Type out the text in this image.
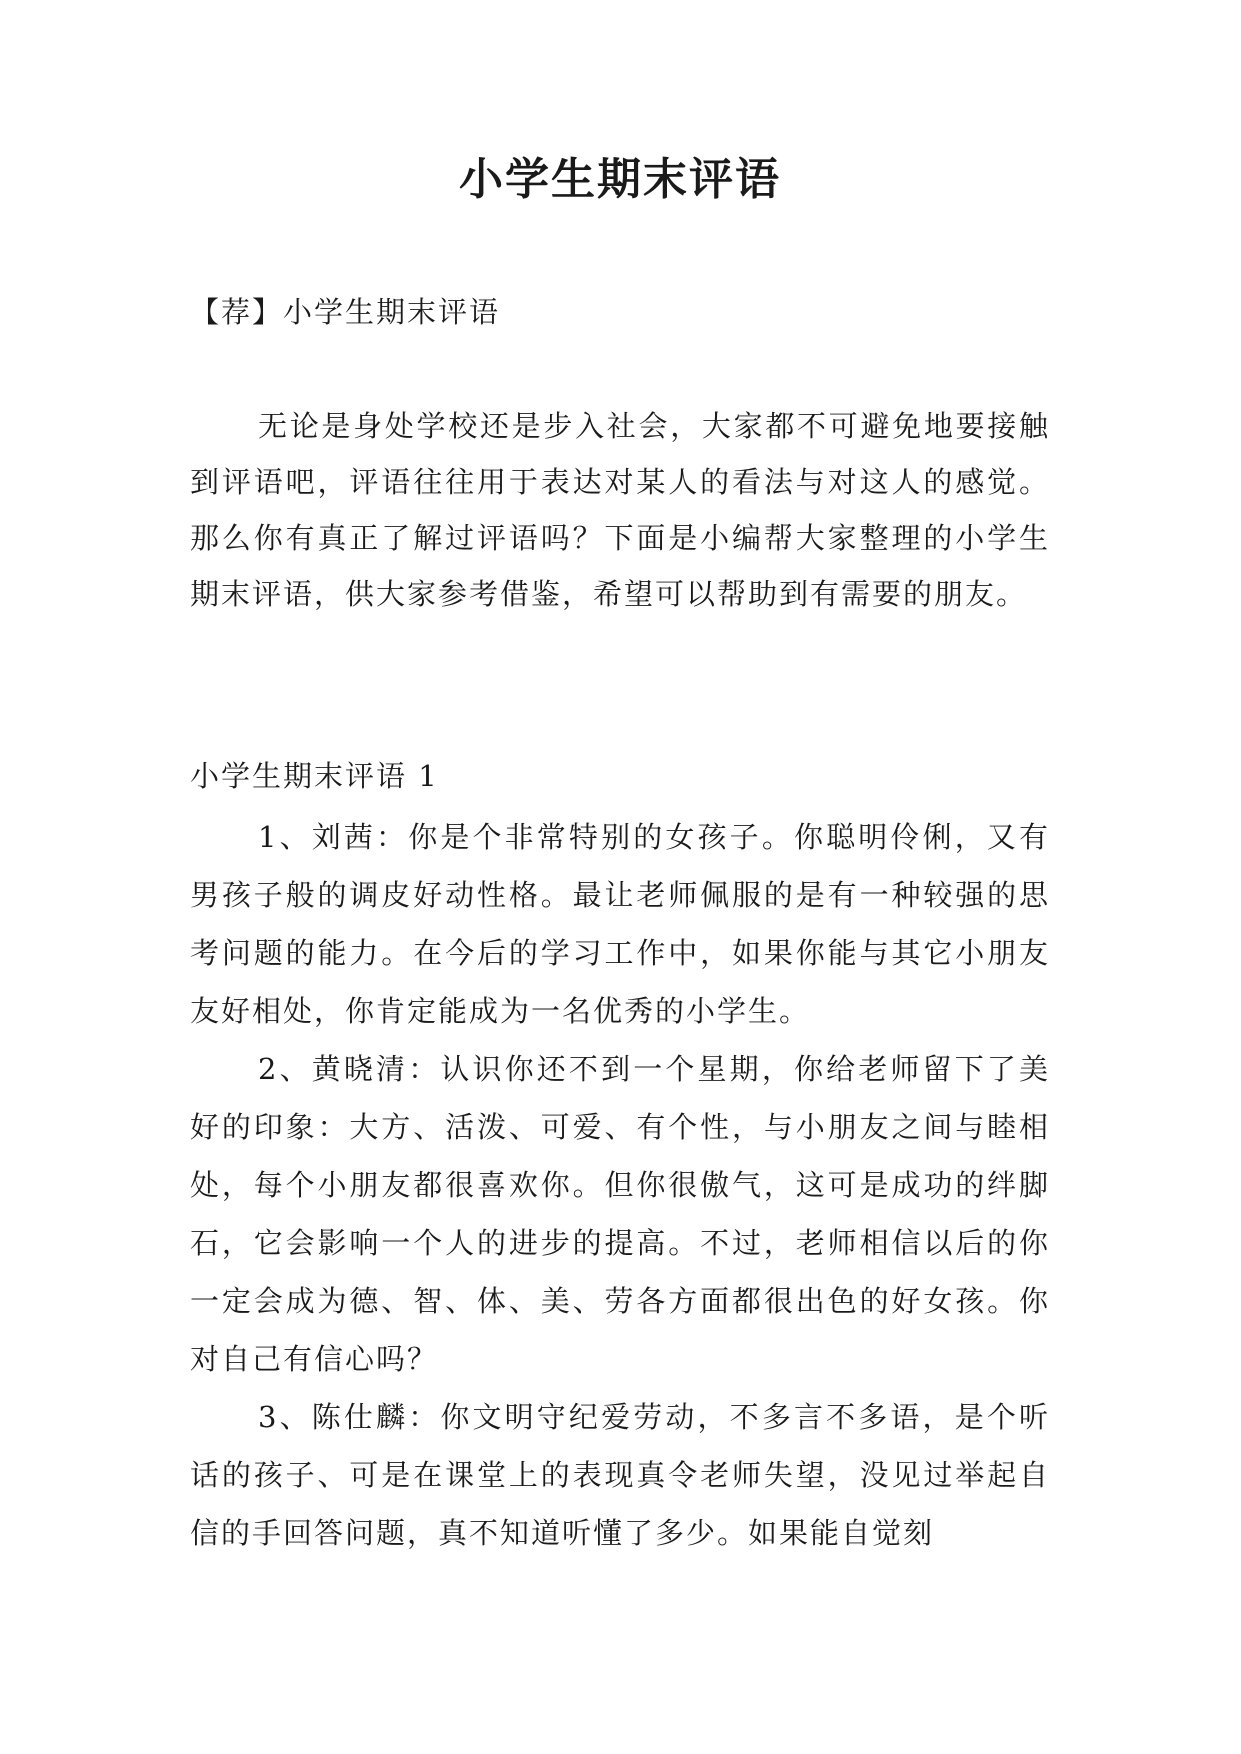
小学生期末评语

【荐】小学生期末评语

无论是身处学校还是步入社会，大家都不可避免地要接触到评语吧，评语往往用于表达对某人的看法与对这人的感觉。那么你有真正了解过评语吗？下面是小编帮大家整理的小学生期末评语，供大家参考借鉴，希望可以帮助到有需要的朋友。

小学生期末评语 1

1、刘茜：你是个非常特别的女孩子。你聪明伶俐，又有男孩子般的调皮好动性格。最让老师佩服的是有一种较强的思考问题的能力。在今后的学习工作中，如果你能与其它小朋友友好相处，你肯定能成为一名优秀的小学生。

2、黄晓清：认识你还不到一个星期，你给老师留下了美好的印象：大方、活泼、可爱、有个性，与小朋友之间与睦相处，每个小朋友都很喜欢你。但你很傲气，这可是成功的绊脚石，它会影响一个人的进步的提高。不过，老师相信以后的你一定会成为德、智、体、美、劳各方面都很出色的好女孩。你对自己有信心吗？

3、陈仕麟：你文明守纪爱劳动，不多言不多语，是个听话的孩子、可是在课堂上的表现真令老师失望，没见过举起自信的手回答问题，真不知道听懂了多少。如果能自觉刻
